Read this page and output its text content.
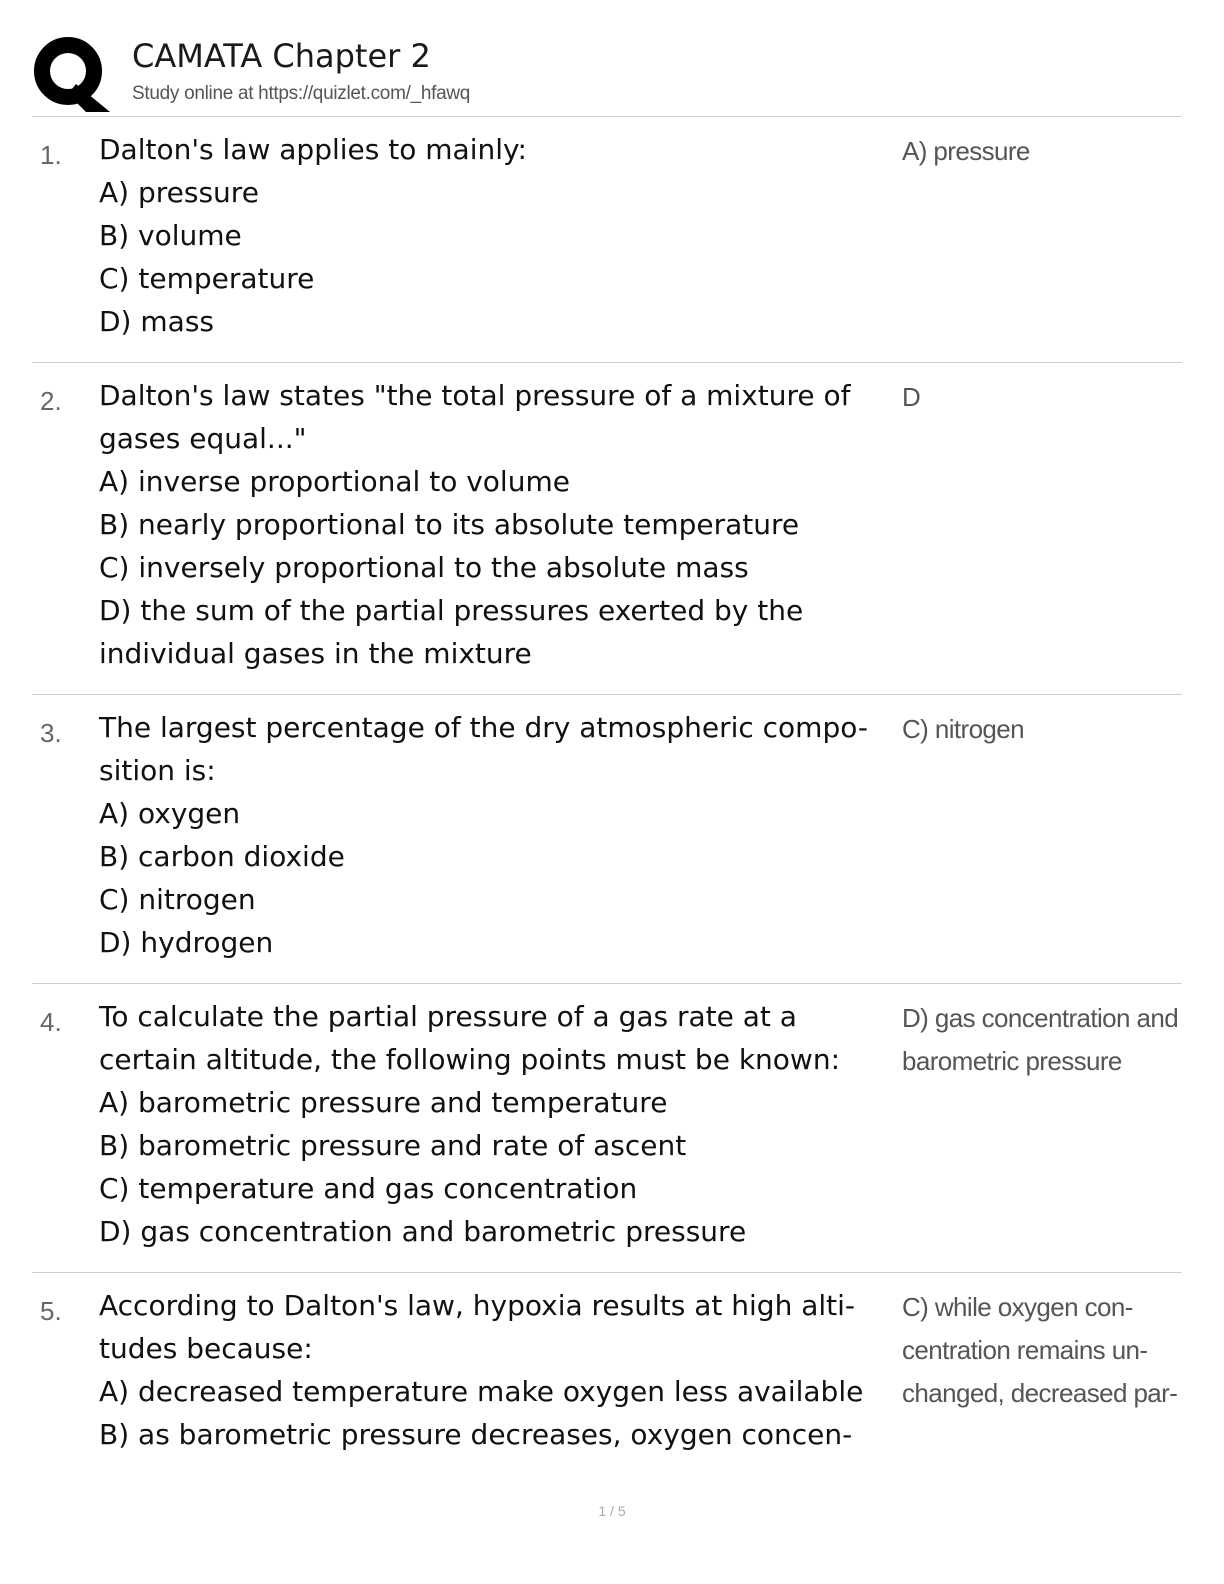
CAMATA Chapter 2
Study online at https://quizlet.com/_hfawq
1. Dalton's law applies to mainly:
A) pressure
B) volume
C) temperature
D) mass
A) pressure
2. Dalton's law states "the total pressure of a mixture of
gases equal..."
A) inverse proportional to volume
B) nearly proportional to its absolute temperature
C) inversely proportional to the absolute mass
D) the sum of the partial pressures exerted by the
individual gases in the mixture
D
3. The largest percentage of the dry atmospheric compo-
sition is:
A) oxygen
B) carbon dioxide
C) nitrogen
D) hydrogen
C) nitrogen
4. To calculate the partial pressure of a gas rate at a
certain altitude, the following points must be known:
A) barometric pressure and temperature
B) barometric pressure and rate of ascent
C) temperature and gas concentration
D) gas concentration and barometric pressure
D) gas concentration and
barometric pressure
5. According to Dalton's law, hypoxia results at high alti-
tudes because:
A) decreased temperature make oxygen less available
B) as barometric pressure decreases, oxygen concen-
C) while oxygen con-
centration remains un-
changed, decreased par-
1 / 5
